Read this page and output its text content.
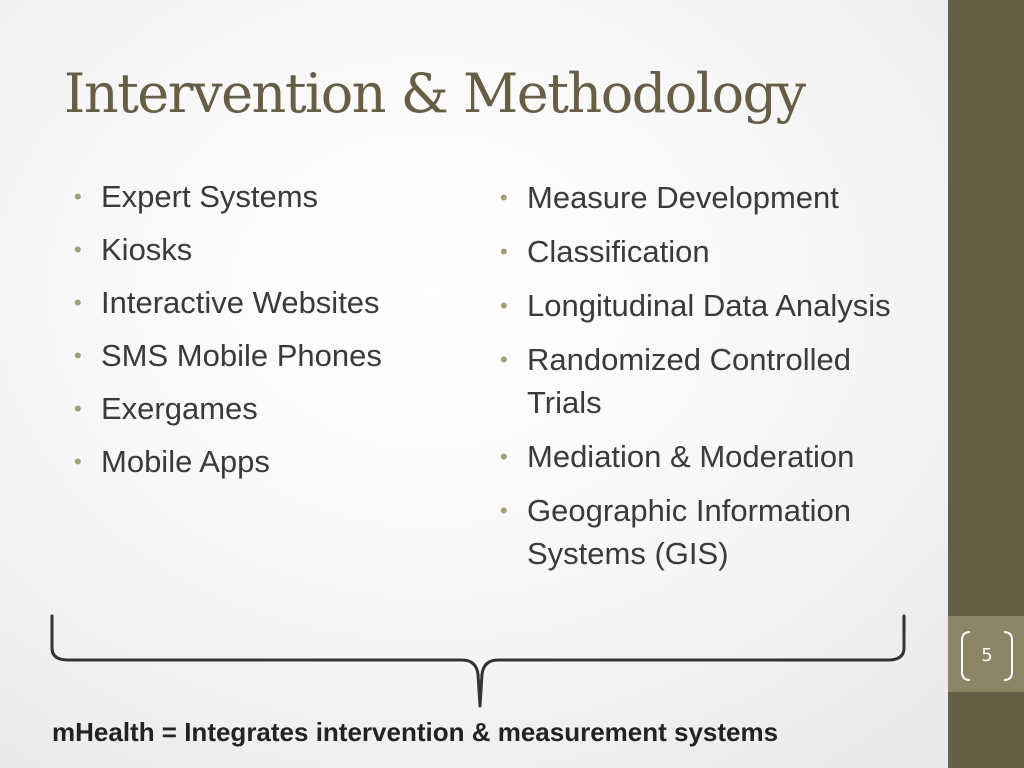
5
Intervention & Methodology
• Expert Systems
• Kiosks
• Interactive Websites
• SMS Mobile Phones
• Exergames
• Mobile Apps
• Measure Development
• Classification
• Longitudinal Data Analysis
• Randomized Controlled Trials
• Mediation & Moderation
• Geographic Information Systems (GIS)

mHealth = Integrates intervention & measurement systems
